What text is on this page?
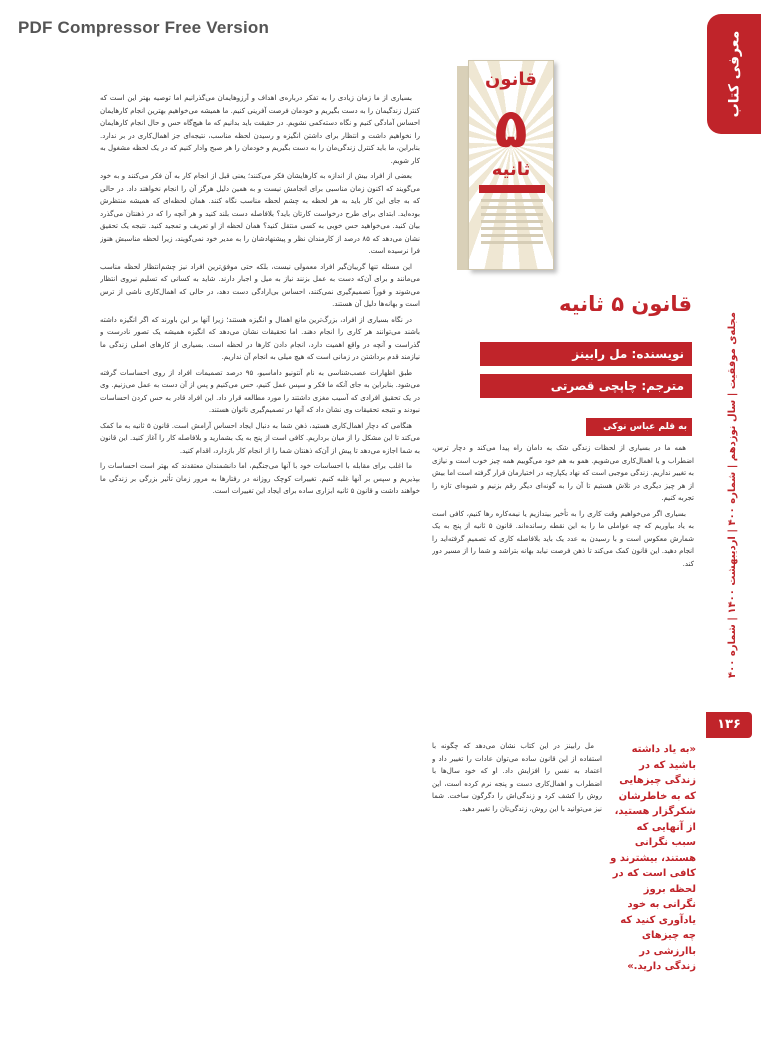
PDF Compressor Free Version
معرفی کتاب
مجله‌ی موفقیت | سال نوزدهم | شماره ۴۰۰ | اردیبهشت ۱۴۰۰ | شماره ۴۰۰
۱۳۶
قانون
۵
ثانیه
قانون ۵ ثانیه
نویسنده: مل رابینز
مترجم: چاپچی قصرتی
به قلم عباس نوکی

بسیاری از ما زمان زیادی را به تفکر درباره‌ی اهداف و آرزوهایمان می‌گذرانیم اما توصیه بهتر این است که کنترل زندگیمان را به دست بگیریم و خودمان فرصت آفرینی کنیم. ما همیشه می‌خواهیم بهترین انجام کارهایمان احساس آمادگی کنیم و نگاه دسته‌کمی نشویم. در حقیقت باید بدانیم که ما هیچ‌گاه حس و حال انجام کارهایمان را نخواهیم داشت و انتظار برای داشتن انگیزه و رسیدن لحظه مناسب، نتیجه‌ای جز اهمال‌کاری در بر ندارد. بنابراین، ما باید کنترل زندگی‌مان را به دست بگیریم و خودمان را هر صبح وادار کنیم که در یک لحظه مشغول به کار شویم.

بعضی از افراد بیش از اندازه به کارهایشان فکر می‌کنند؛ یعنی قبل از انجام کار به آن فکر می‌کنند و به خود می‌گویند که اکنون زمان مناسبی برای انجامش نیست و به همین دلیل هرگز آن را انجام نخواهند داد. در حالی که به جای این کار باید به هر لحظه به چشم لحظه مناسب نگاه کنند. همان لحظه‌ای که همیشه منتظرش بوده‌اید. ابتدای برای طرح درخواست کارتان باید؟ بلافاصله دست بلند کنید و هر آنچه را که در ذهنتان می‌گذرد بیان کنید. می‌خواهید حس خوبی به کسی منتقل کنید؟ همان لحظه از او تعریف و تمجید کنید. نتیجه یک تحقیق نشان می‌دهد که ۸۵ درصد از کارمندان نظر و پیشنهادشان را به مدیر خود نمی‌گویند، زیرا لحظه مناسبش هنوز فرا نرسیده است.

این مسئله تنها گریبان‌گیر افراد معمولی نیست، بلکه حتی موفق‌ترین افراد نیز چشم‌انتظار لحظه مناسب می‌مانند و برای آن‌که دست به عمل بزنند نیاز به میل و اجبار دارند. شاید به کسانی که تسلیم نیروی انتظار می‌شوند و فوراً تصمیم‌گیری نمی‌کنند، احساس بی‌ارادگی دست دهد، در حالی که اهمال‌کاری ناشی از ترس است و بهانه‌ها دلیل آن هستند.

در نگاه بسیاری از افراد، بزرگ‌ترین مانع اهمال و انگیزه هستند؛ زیرا آنها بر این باورند که اگر انگیزه داشته باشند می‌توانند هر کاری را انجام دهند. اما تحقیقات نشان می‌دهد که انگیزه همیشه یک تصور نادرست و گذراست و آنچه در واقع اهمیت دارد، انجام دادن کارها در لحظه است. بسیاری از کارهای اصلی زندگی ما نیازمند قدم برداشتن در زمانی است که هیچ میلی به انجام آن نداریم.

طبق اظهارات عصب‌شناسی به نام آنتونیو داماسیو، ۹۵ درصد تصمیمات افراد از روی احساسات گرفته می‌شود. بنابراین به جای آنکه ما فکر و سپس عمل کنیم، حس می‌کنیم و پس از آن دست به عمل می‌زنیم. وی در یک تحقیق افرادی که آسیب مغزی داشتند را مورد مطالعه قرار داد. این افراد قادر به حس کردن احساسات نبودند و نتیجه تحقیقات وی نشان داد که آنها در تصمیم‌گیری ناتوان هستند.

هنگامی که دچار اهمال‌کاری هستید، ذهن شما به دنبال ایجاد احساس آرامش است. قانون ۵ ثانیه به ما کمک می‌کند تا این مشکل را از میان برداریم. کافی است از پنج به یک بشمارید و بلافاصله کار را آغاز کنید. این قانون به شما اجازه می‌دهد تا پیش از آن‌که ذهنتان شما را از انجام کار بازدارد، اقدام کنید.

ما اغلب برای مقابله با احساسات خود با آنها می‌جنگیم، اما دانشمندان معتقدند که بهتر است احساسات را بپذیریم و سپس بر آنها غلبه کنیم. تغییرات کوچک روزانه در رفتارها به مرور زمان تأثیر بزرگی بر زندگی ما خواهند داشت و قانون ۵ ثانیه ابزاری ساده برای ایجاد این تغییرات است.

همه ما در بسیاری از لحظات زندگی شک به دامان راه پیدا می‌کند و دچار ترس، اضطراب و یا اهمال‌کاری می‌شویم. همو به هم خود می‌گوییم همه چیز خوب است و نیازی به تغییر نداریم. زندگی موجبی است که نهاد یکپارچه در اختیارمان قرار گرفته است اما بیش از هر چیز دیگری در تلاش هستیم تا آن را به گونه‌ای دیگر رقم بزنیم و شیوه‌ای تازه را تجربه کنیم.

بسیاری اگر می‌خواهیم وقت کاری را به تأخیر بیندازیم یا نیمه‌کاره رها کنیم، کافی است به یاد بیاوریم که چه عواملی ما را به این نقطه رسانده‌اند. قانون ۵ ثانیه از پنج به یک شمارش معکوس است و با رسیدن به عدد یک باید بلافاصله کاری که تصمیم گرفته‌اید را انجام دهید. این قانون کمک می‌کند تا ذهن فرصت نیابد بهانه بتراشد و شما را از مسیر دور کند.

مل رابینز در این کتاب نشان می‌دهد که چگونه با استفاده از این قانون ساده می‌توان عادات را تغییر داد و اعتماد به نفس را افزایش داد. او که خود سال‌ها با اضطراب و اهمال‌کاری دست و پنجه نرم کرده است، این روش را کشف کرد و زندگی‌اش را دگرگون ساخت. شما نیز می‌توانید با این روش، زندگی‌تان را تغییر دهید.

«به یاد داشته باشید که در زندگی چیزهایی که به خاطرشان شکرگزار هستید، از آنهایی که سبب نگرانی هستند، بیشترند و کافی است که در لحظه بروز نگرانی به خود یادآوری کنید که چه چیزهای باارزشی در زندگی دارید.»
